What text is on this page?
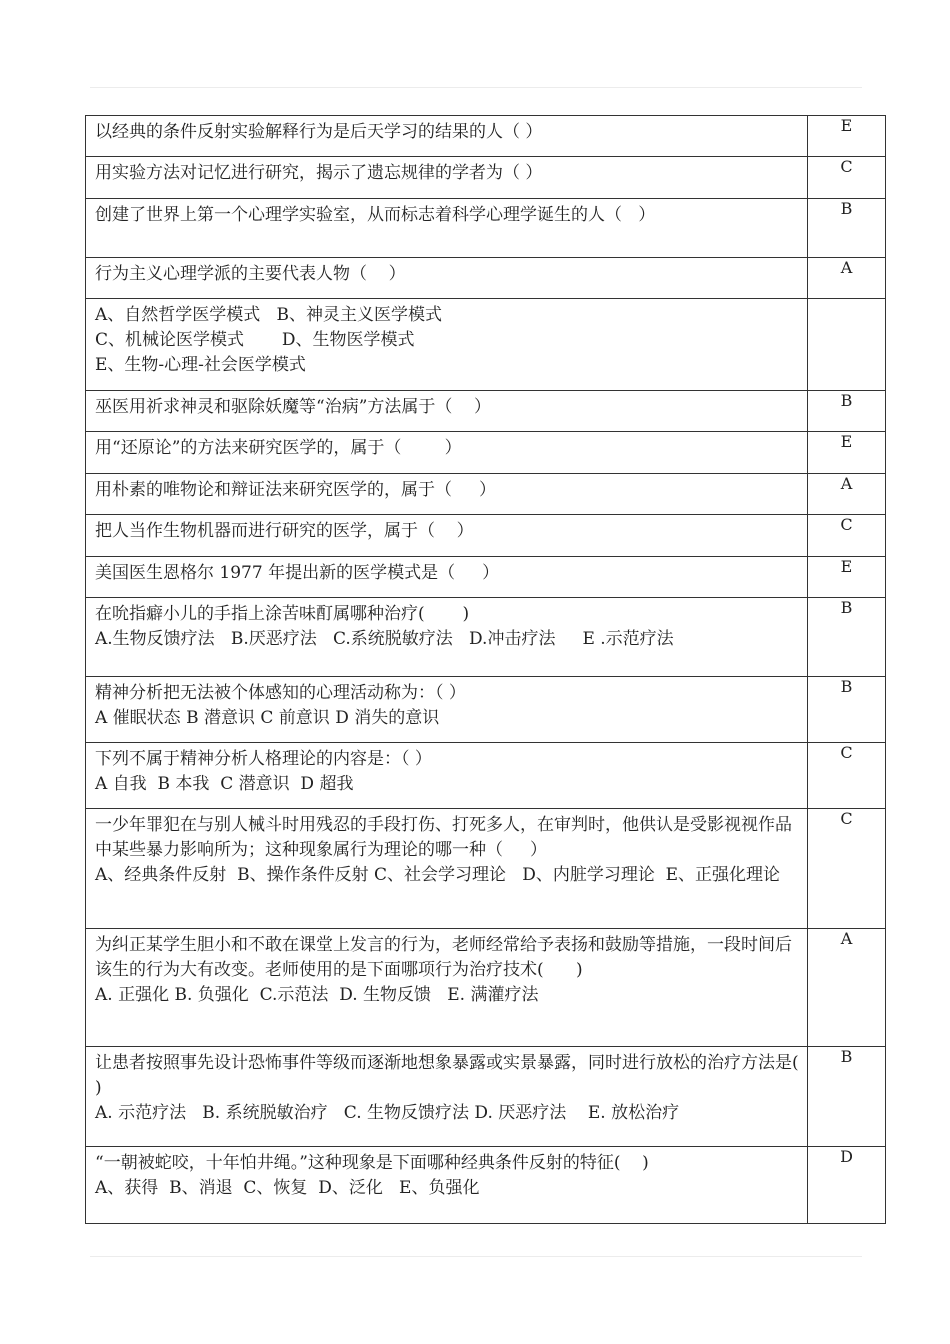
以经典的条件反射实验解释行为是后天学习的结果的人（ ）	E

用实验方法对记忆进行研究，揭示了遗忘规律的学者为（ ）	C

创建了世界上第一个心理学实验室，从而标志着科学心理学诞生的人（   ）	B

行为主义心理学派的主要代表人物（    ）	A

A、自然哲学医学模式   B、神灵主义医学模式
C、机械论医学模式       D、生物医学模式
E、生物-心理-社会医学模式	

巫医用祈求神灵和驱除妖魔等“治病”方法属于（    ）	B

用“还原论”的方法来研究医学的，属于（        ）	E

用朴素的唯物论和辩证法来研究医学的，属于（     ）	A

把人当作生物机器而进行研究的医学，属于（    ）	C

美国医生恩格尔 1977 年提出新的医学模式是（     ）	E

在吮指癖小儿的手指上涂苦味酊属哪种治疗(       )
A.生物反馈疗法   B.厌恶疗法   C.系统脱敏疗法   D.冲击疗法     E .示范疗法	B

精神分析把无法被个体感知的心理活动称为：（ ）
A 催眠状态 B 潜意识 C 前意识 D 消失的意识	B

下列不属于精神分析人格理论的内容是：（ ）
A 自我  B 本我  C 潜意识  D 超我	C

一少年罪犯在与别人械斗时用残忍的手段打伤、打死多人，在审判时，他供认是受影视视作品中某些暴力影响所为；这种现象属行为理论的哪一种（     ）
A、经典条件反射  B、操作条件反射 C、社会学习理论   D、内脏学习理论  E、正强化理论	C

为纠正某学生胆小和不敢在课堂上发言的行为，老师经常给予表扬和鼓励等措施，一段时间后该生的行为大有改变。老师使用的是下面哪项行为治疗技术(      )
A. 正强化 B. 负强化  C.示范法  D. 生物反馈   E. 满灌疗法	A

让患者按照事先设计恐怖事件等级而逐渐地想象暴露或实景暴露，同时进行放松的治疗方法是(    )
A. 示范疗法   B. 系统脱敏治疗   C. 生物反馈疗法 D. 厌恶疗法    E. 放松治疗	B

“一朝被蛇咬，十年怕井绳。”这种现象是下面哪种经典条件反射的特征(    )
A、获得  B、消退  C、恢复  D、泛化   E、负强化	D
